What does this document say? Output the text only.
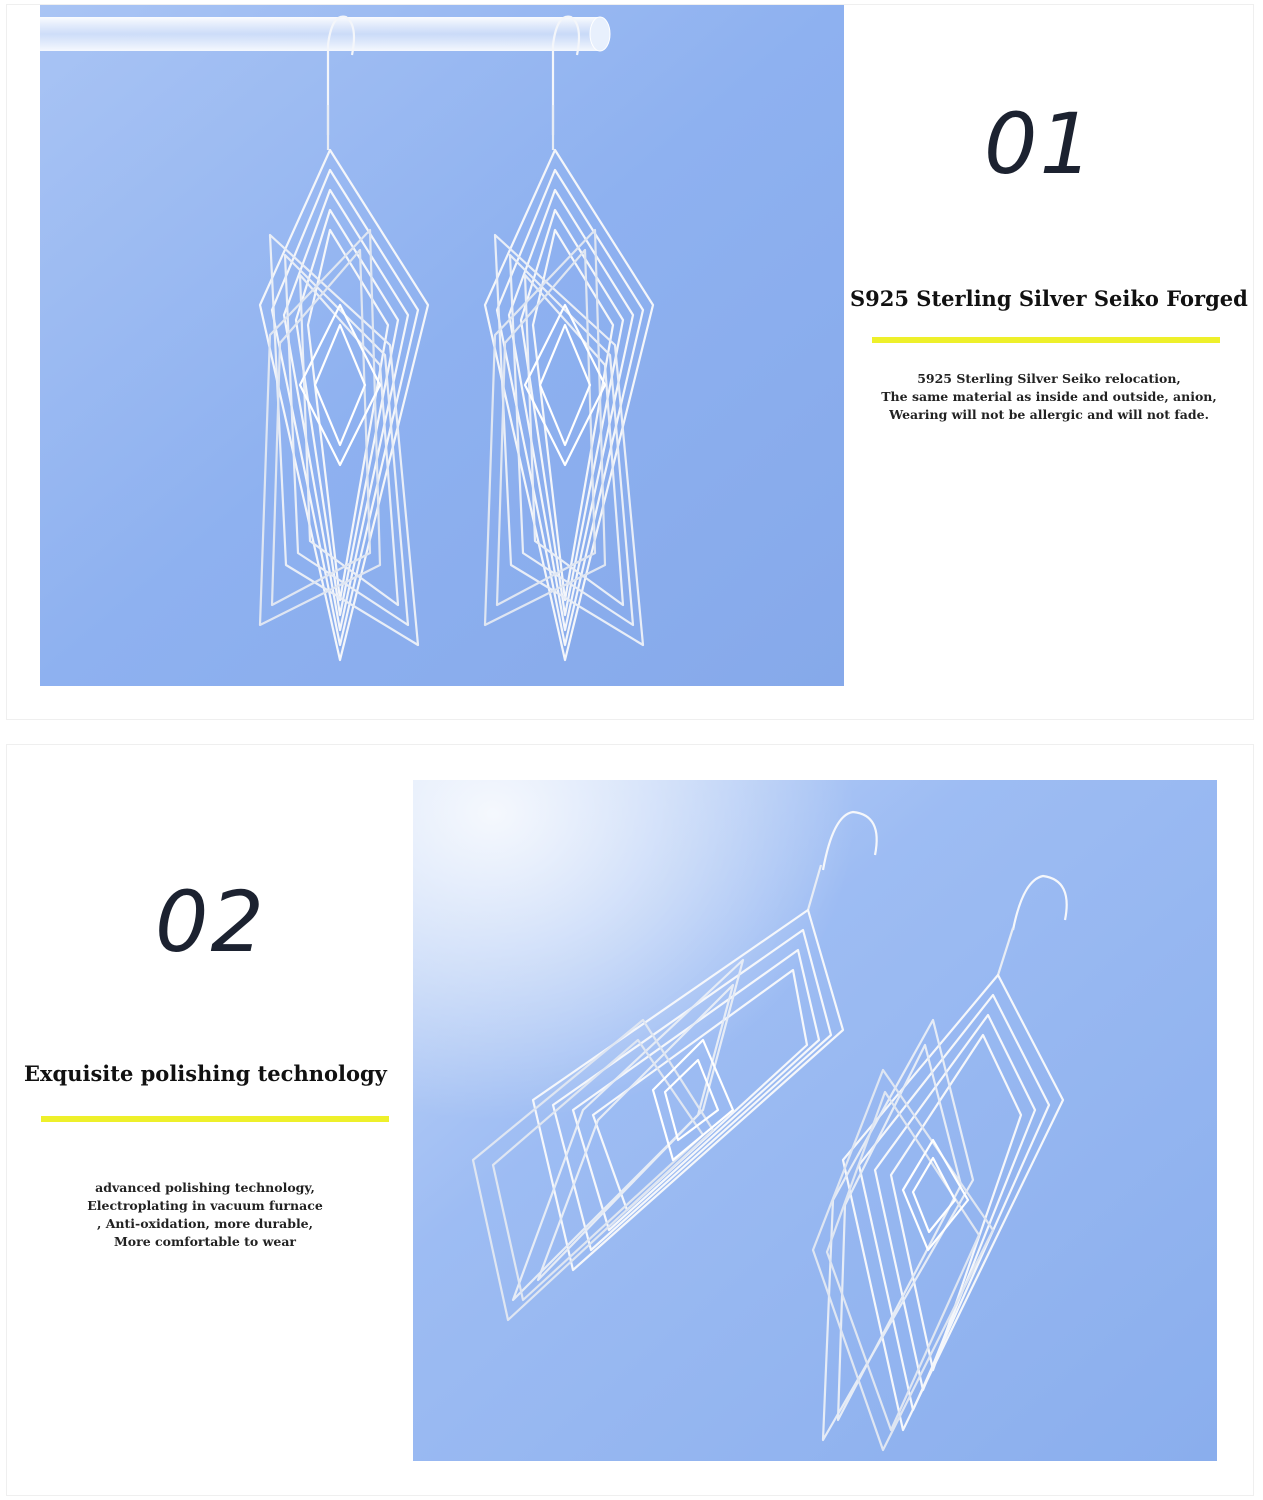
01
S925 Sterling Silver Seiko Forged
5925 Sterling Silver Seiko relocation,
The same material as inside and outside, anion,
Wearing will not be allergic and will not fade.
02
Exquisite polishing technology
advanced polishing technology,
Electroplating in vacuum furnace
, Anti-oxidation, more durable,
More comfortable to wear
